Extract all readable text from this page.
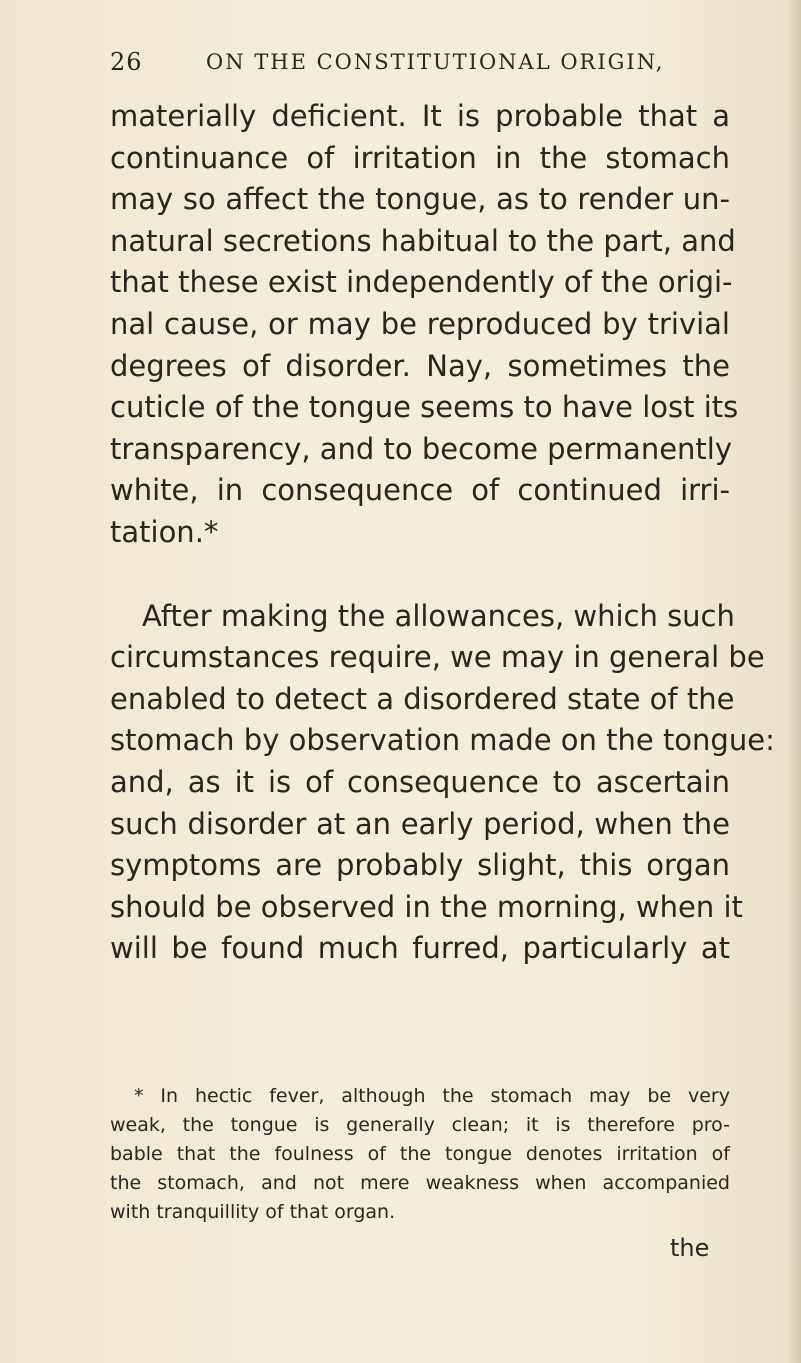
26	ON THE CONSTITUTIONAL ORIGIN,
materially deficient. It is probable that a
continuance of irritation in the stomach
may so affect the tongue, as to render un-
natural secretions habitual to the part, and
that these exist independently of the origi-
nal cause, or may be reproduced by trivial
degrees of disorder. Nay, sometimes the
cuticle of the tongue seems to have lost its
transparency, and to become permanently
white, in consequence of continued irri-
tation.*
After making the allowances, which such
circumstances require, we may in general be
enabled to detect a disordered state of the
stomach by observation made on the tongue:
and, as it is of consequence to ascertain
such disorder at an early period, when the
symptoms are probably slight, this organ
should be observed in the morning, when it
will be found much furred, particularly at
* In hectic fever, although the stomach may be very
weak, the tongue is generally clean; it is therefore pro-
bable that the foulness of the tongue denotes irritation of
the stomach, and not mere weakness when accompanied
with tranquillity of that organ.
the
